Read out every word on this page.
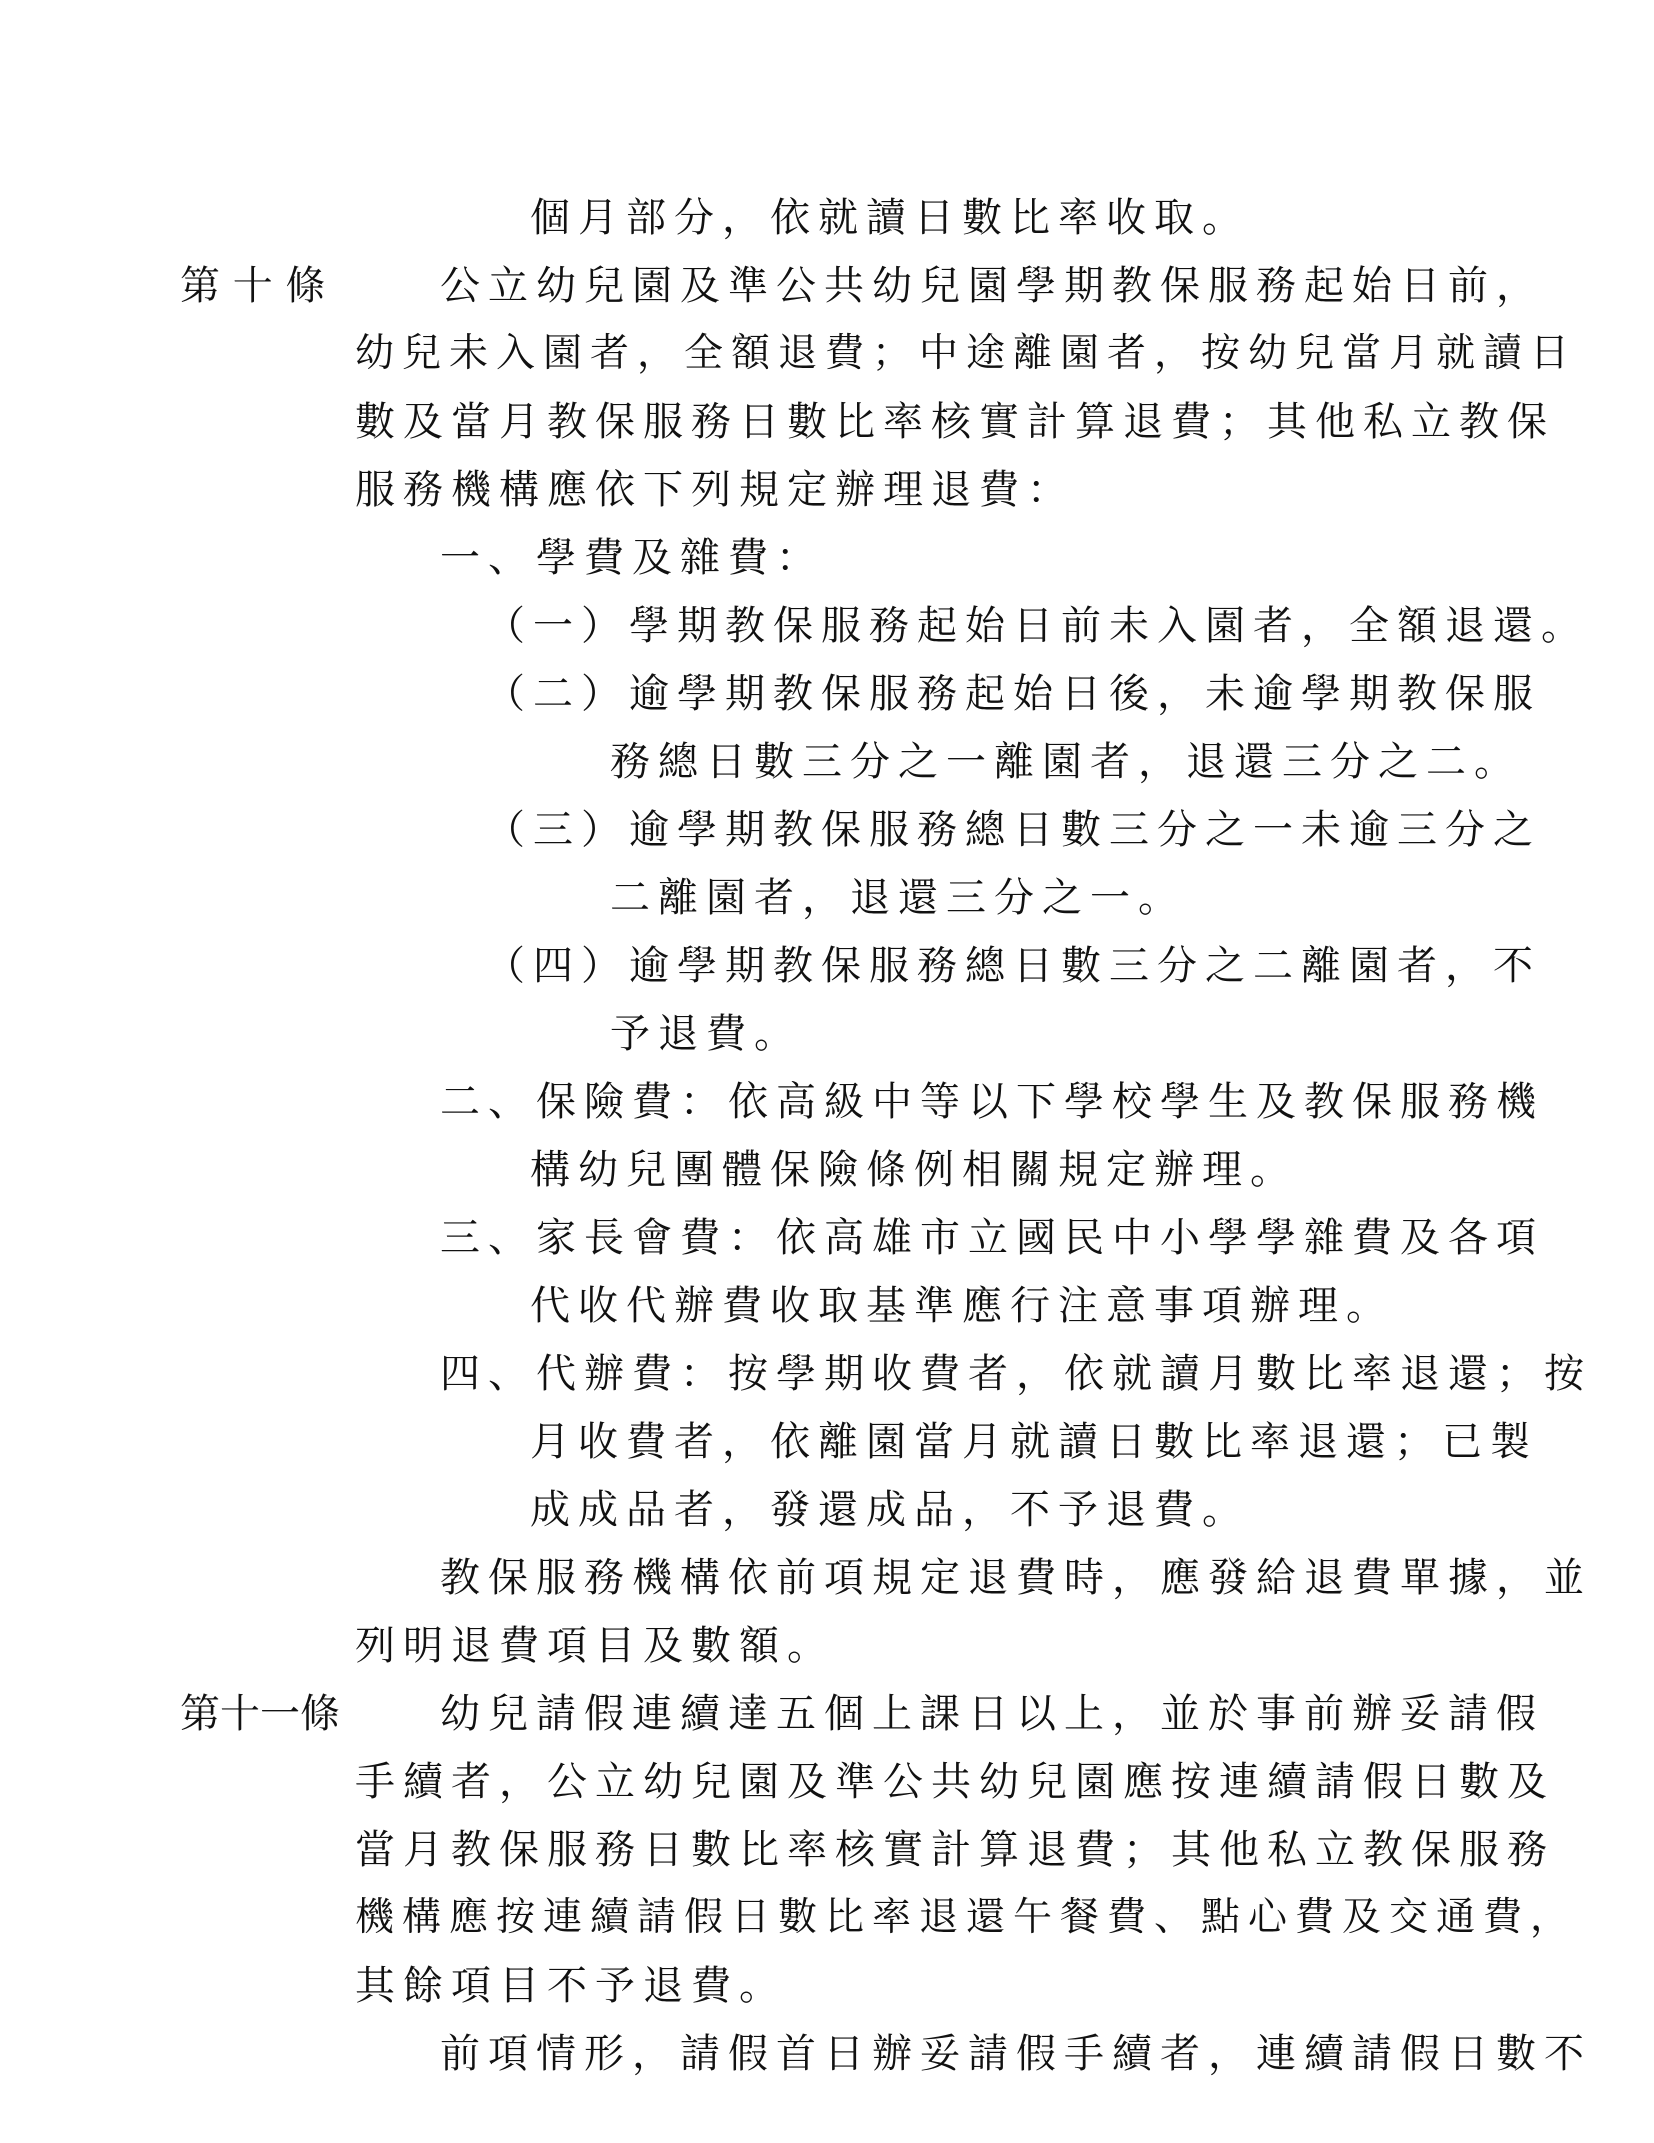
個月部分，依就讀日數比率收取。
第 十 條	公立幼兒園及準公共幼兒園學期教保服務起始日前，
幼兒未入園者，全額退費；中途離園者，按幼兒當月就讀日
數及當月教保服務日數比率核實計算退費；其他私立教保
服務機構應依下列規定辦理退費：
一、學費及雜費：
（一）學期教保服務起始日前未入園者，全額退還。
（二）逾學期教保服務起始日後，未逾學期教保服
務總日數三分之一離園者，退還三分之二。
（三）逾學期教保服務總日數三分之一未逾三分之
二離園者，退還三分之一。
（四）逾學期教保服務總日數三分之二離園者，不
予退費。
二、保險費：依高級中等以下學校學生及教保服務機
構幼兒團體保險條例相關規定辦理。
三、家長會費：依高雄市立國民中小學學雜費及各項
代收代辦費收取基準應行注意事項辦理。
四、代辦費：按學期收費者，依就讀月數比率退還；按
月收費者，依離園當月就讀日數比率退還；已製
成成品者，發還成品，不予退費。
教保服務機構依前項規定退費時，應發給退費單據，並
列明退費項目及數額。
第十一條	幼兒請假連續達五個上課日以上，並於事前辦妥請假
手續者，公立幼兒園及準公共幼兒園應按連續請假日數及
當月教保服務日數比率核實計算退費；其他私立教保服務
機構應按連續請假日數比率退還午餐費、點心費及交通費，
其餘項目不予退費。
前項情形，請假首日辦妥請假手續者，連續請假日數不
